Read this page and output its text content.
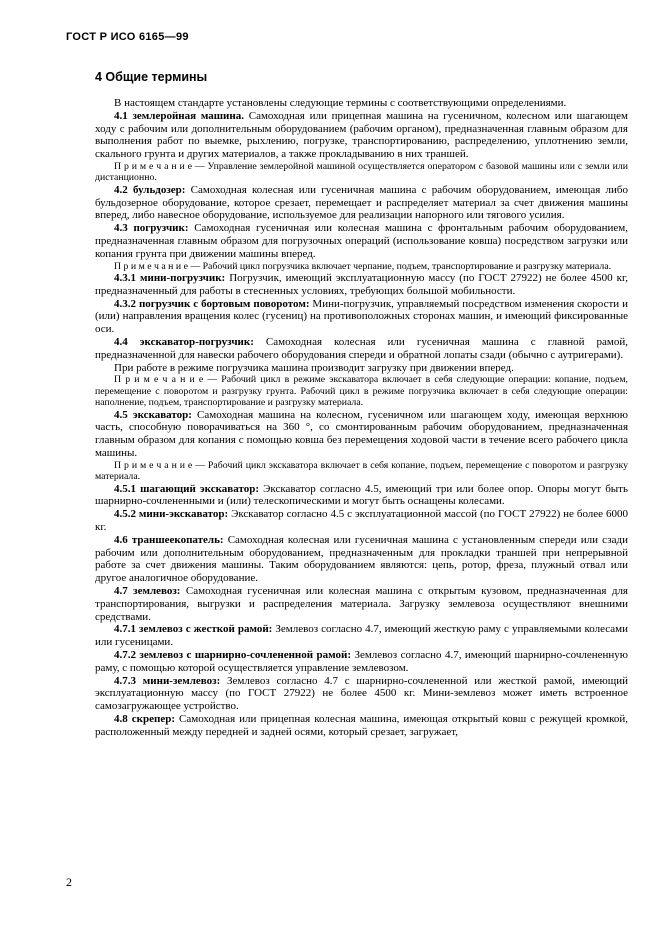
ГОСТ Р ИСО 6165—99
4 Общие термины

В настоящем стандарте установлены следующие термины с соответствующими определениями.

4.1 землеройная машина. Самоходная или прицепная машина на гусеничном, колесном или шагающем ходу с рабочим или дополнительным оборудованием (рабочим органом), предназначенная главным образом для выполнения работ по выемке, рыхлению, погрузке, транспортированию, распределению, уплотнению земли, скального грунта и других материалов, а также прокладыванию в них траншей.

П р и м е ч а н и е — Управление землеройной машиной осуществляется оператором с базовой машины или с земли или дистанционно.

4.2 бульдозер: Самоходная колесная или гусеничная машина с рабочим оборудованием, имеющая либо бульдозерное оборудование, которое срезает, перемещает и распределяет материал за счет движения машины вперед, либо навесное оборудование, используемое для реализации напорного или тягового усилия.

4.3 погрузчик: Самоходная гусеничная или колесная машина с фронтальным рабочим оборудованием, предназначенная главным образом для погрузочных операций (использование ковша) посредством загрузки или копания грунта при движении машины вперед.

П р и м е ч а н и е — Рабочий цикл погрузчика включает черпание, подъем, транспортирование и разгрузку материала.

4.3.1 мини-погрузчик: Погрузчик, имеющий эксплуатационную массу (по ГОСТ 27922) не более 4500 кг, предназначенный для работы в стесненных условиях, требующих большой мобильности.

4.3.2 погрузчик с бортовым поворотом: Мини-погрузчик, управляемый посредством изменения скорости и (или) направления вращения колес (гусениц) на противоположных сторонах машин, и имеющий фиксированные оси.

4.4 экскаватор-погрузчик: Самоходная колесная или гусеничная машина с главной рамой, предназначенной для навески рабочего оборудования спереди и обратной лопаты сзади (обычно с аутригерами).

При работе в режиме погрузчика машина производит загрузку при движении вперед.

П р и м е ч а н и е — Рабочий цикл в режиме экскаватора включает в себя следующие операции: копание, подъем, перемещение с поворотом и разгрузку грунта. Рабочий цикл в режиме погрузчика включает в себя следующие операции: наполнение, подъем, транспортирование и разгрузку материала.

4.5 экскаватор: Самоходная машина на колесном, гусеничном или шагающем ходу, имеющая верхнюю часть, способную поворачиваться на 360 °, со смонтированным рабочим оборудованием, предназначенная главным образом для копания с помощью ковша без перемещения ходовой части в течение всего рабочего цикла машины.

П р и м е ч а н и е — Рабочий цикл экскаватора включает в себя копание, подъем, перемещение с поворотом и разгрузку материала.

4.5.1 шагающий экскаватор: Экскаватор согласно 4.5, имеющий три или более опор. Опоры могут быть шарнирно-сочлененными и (или) телескопическими и могут быть оснащены колесами.

4.5.2 мини-экскаватор: Экскаватор согласно 4.5 с эксплуатационной массой (по ГОСТ 27922) не более 6000 кг.

4.6 траншеекопатель: Самоходная колесная или гусеничная машина с установленным спереди или сзади рабочим или дополнительным оборудованием, предназначенным для прокладки траншей при непрерывной работе за счет движения машины. Таким оборудованием являются: цепь, ротор, фреза, плужный отвал или другое аналогичное оборудование.

4.7 землевоз: Самоходная гусеничная или колесная машина с открытым кузовом, предназначенная для транспортирования, выгрузки и распределения материала. Загрузку землевоза осуществляют внешними средствами.

4.7.1 землевоз с жесткой рамой: Землевоз согласно 4.7, имеющий жесткую раму с управляемыми колесами или гусеницами.

4.7.2 землевоз с шарнирно-сочлененной рамой: Землевоз согласно 4.7, имеющий шарнирно-сочлененную раму, с помощью которой осуществляется управление землевозом.

4.7.3 мини-землевоз: Землевоз согласно 4.7 с шарнирно-сочлененной или жесткой рамой, имеющий эксплуатационную массу (по ГОСТ 27922) не более 4500 кг. Мини-землевоз может иметь встроенное самозагружающее устройство.

4.8 скрепер: Самоходная или прицепная колесная машина, имеющая открытый ковш с режущей кромкой, расположенный между передней и задней осями, который срезает, загружает,

2
